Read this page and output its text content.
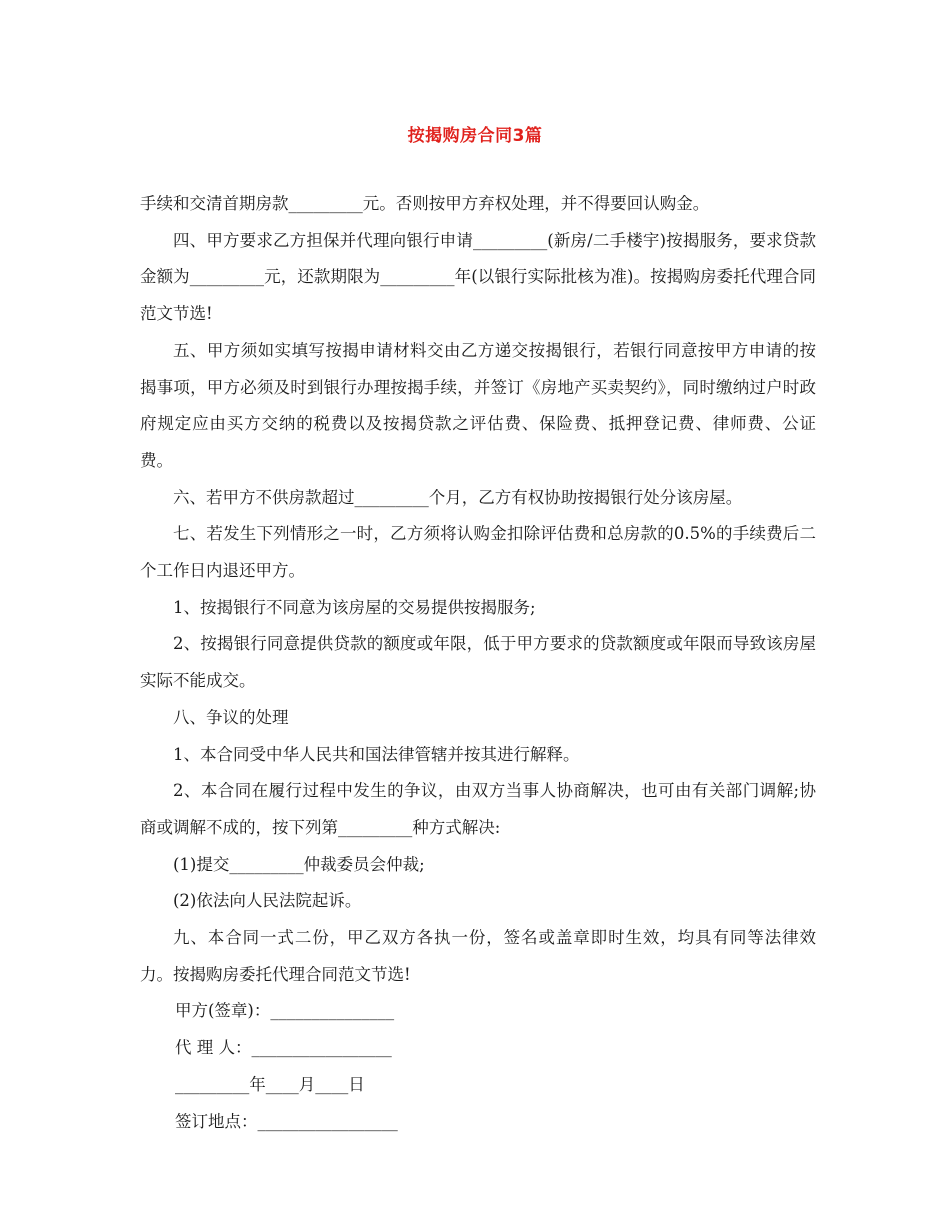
按揭购房合同3篇

手续和交清首期房款_________元。否则按甲方弃权处理，并不得要回认购金。

四、甲方要求乙方担保并代理向银行申请_________(新房/二手楼宇)按揭服务，要求贷款金额为_________元，还款期限为_________年(以银行实际批核为准)。按揭购房委托代理合同范文节选!

五、甲方须如实填写按揭申请材料交由乙方递交按揭银行，若银行同意按甲方申请的按揭事项，甲方必须及时到银行办理按揭手续，并签订《房地产买卖契约》，同时缴纳过户时政府规定应由买方交纳的税费以及按揭贷款之评估费、保险费、抵押登记费、律师费、公证费。

六、若甲方不供房款超过_________个月，乙方有权协助按揭银行处分该房屋。

七、若发生下列情形之一时，乙方须将认购金扣除评估费和总房款的0.5%的手续费后二个工作日内退还甲方。

1、按揭银行不同意为该房屋的交易提供按揭服务;

2、按揭银行同意提供贷款的额度或年限，低于甲方要求的贷款额度或年限而导致该房屋实际不能成交。

八、争议的处理

1、本合同受中华人民共和国法律管辖并按其进行解释。

2、本合同在履行过程中发生的争议，由双方当事人协商解决，也可由有关部门调解;协商或调解不成的，按下列第_________种方式解决:

(1)提交_________仲裁委员会仲裁;

(2)依法向人民法院起诉。

九、本合同一式二份，甲乙双方各执一份，签名或盖章即时生效，均具有同等法律效力。按揭购房委托代理合同范文节选!

甲方(签章)：_______________

代 理 人：_________________

_________年____月____日

签订地点：_________________
